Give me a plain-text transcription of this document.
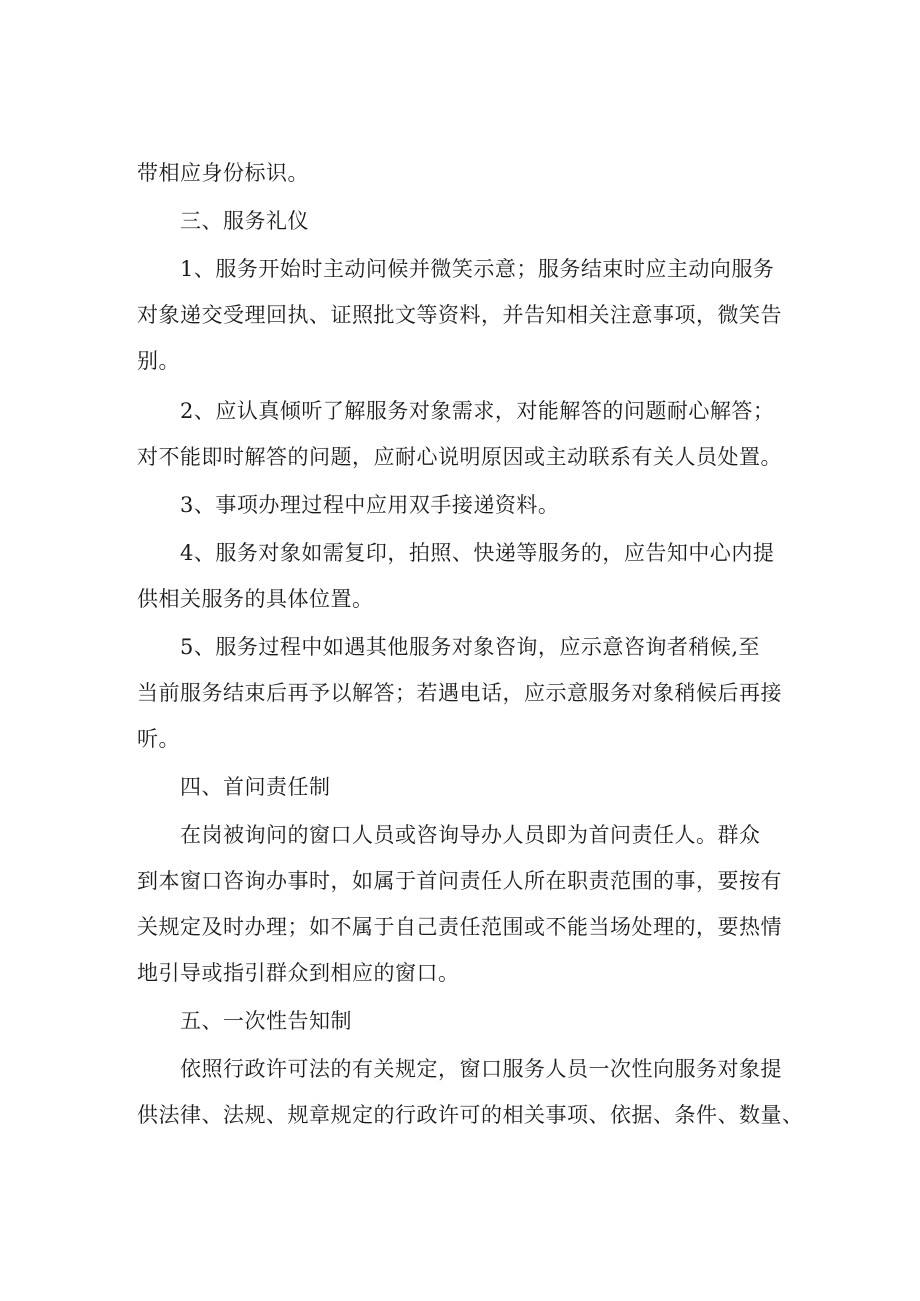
带相应身份标识。
三、服务礼仪
1、服务开始时主动问候并微笑示意；服务结束时应主动向服务
对象递交受理回执、证照批文等资料，并告知相关注意事项，微笑告
别。
2、应认真倾听了解服务对象需求，对能解答的问题耐心解答；
对不能即时解答的问题，应耐心说明原因或主动联系有关人员处置。
3、事项办理过程中应用双手接递资料。
4、服务对象如需复印，拍照、快递等服务的，应告知中心内提
供相关服务的具体位置。
5、服务过程中如遇其他服务对象咨询，应示意咨询者稍候,至
当前服务结束后再予以解答；若遇电话，应示意服务对象稍候后再接
听。
四、首问责任制
在岗被询问的窗口人员或咨询导办人员即为首问责任人。群众
到本窗口咨询办事时，如属于首问责任人所在职责范围的事，要按有
关规定及时办理；如不属于自己责任范围或不能当场处理的，要热情
地引导或指引群众到相应的窗口。
五、一次性告知制
依照行政许可法的有关规定，窗口服务人员一次性向服务对象提
供法律、法规、规章规定的行政许可的相关事项、依据、条件、数量、
